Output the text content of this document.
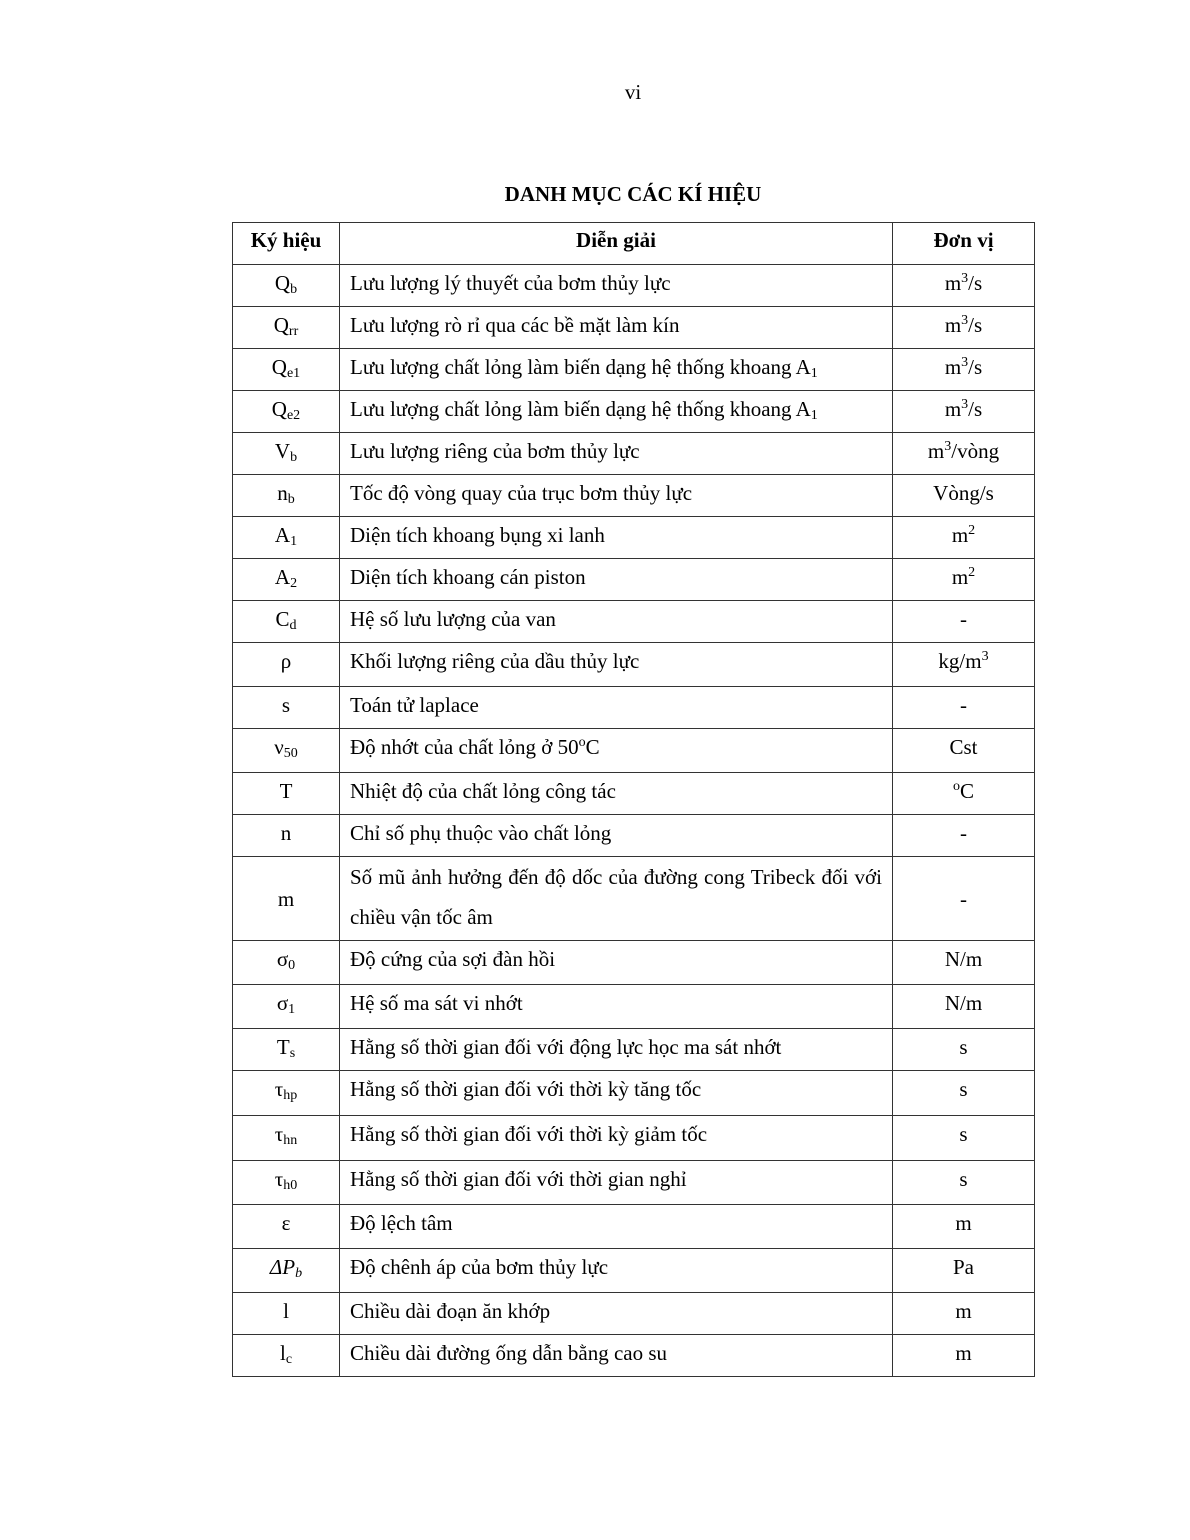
vi
DANH MỤC CÁC KÍ HIỆU
Ký hiệu	Diễn giải	Đơn vị
$Q_b$	Lưu lượng lý thuyết của bơm thủy lực	$m^3/s$
$Q_{rr}$	Lưu lượng rò rỉ qua các bề mặt làm kín	$m^3/s$
$Q_{e1}$	Lưu lượng chất lỏng làm biến dạng hệ thống khoang $A_1$	$m^3/s$
$Q_{e2}$	Lưu lượng chất lỏng làm biến dạng hệ thống khoang $A_1$	$m^3/s$
$V_b$	Lưu lượng riêng của bơm thủy lực	$m^3$/vòng
$n_b$	Tốc độ vòng quay của trục bơm thủy lực	Vòng/s
$A_1$	Diện tích khoang bụng xi lanh	$m^2$
$A_2$	Diện tích khoang cán piston	$m^2$
$C_d$	Hệ số lưu lượng của van	-
ρ	Khối lượng riêng của dầu thủy lực	$kg/m^3$
s	Toán tử laplace	-
$\nu_{50}$	Độ nhớt của chất lỏng ở 50$^o$C	Cst
T	Nhiệt độ của chất lỏng công tác	$^o$C
n	Chỉ số phụ thuộc vào chất lỏng	-
m	Số mũ ảnh hưởng đến độ dốc của đường cong Tribeck đối với chiều vận tốc âm	-
$\sigma_0$	Độ cứng của sợi đàn hồi	N/m
$\sigma_1$	Hệ số ma sát vi nhớt	N/m
$T_s$	Hằng số thời gian đối với động lực học ma sát nhớt	s
$\tau_{hp}$	Hằng số thời gian đối với thời kỳ tăng tốc	s
$\tau_{hn}$	Hằng số thời gian đối với thời kỳ giảm tốc	s
$\tau_{h0}$	Hằng số thời gian đối với thời gian nghỉ	s
ε	Độ lệch tâm	m
$\Delta P_b$	Độ chênh áp của bơm thủy lực	Pa
l	Chiều dài đoạn ăn khớp	m
$l_c$	Chiều dài đường ống dẫn bằng cao su	m
